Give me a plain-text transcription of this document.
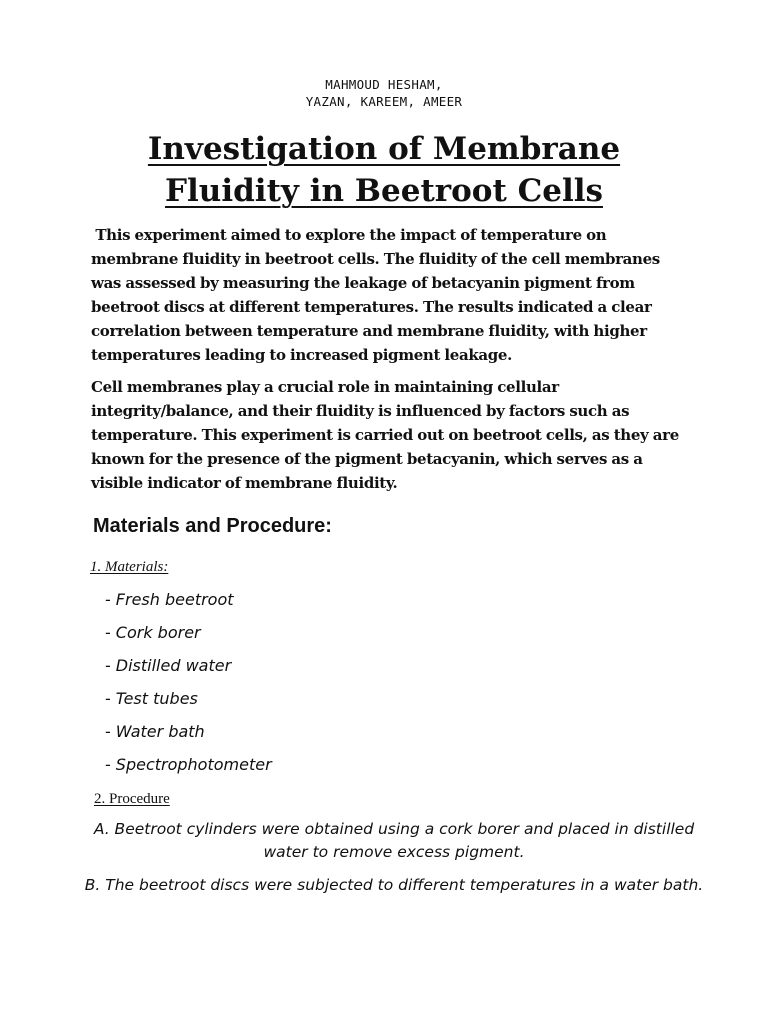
MAHMOUD HESHAM,
YAZAN, KAREEM, AMEER
Investigation of Membrane
Fluidity in Beetroot Cells

This experiment aimed to explore the impact of temperature on membrane fluidity in beetroot cells. The fluidity of the cell membranes was assessed by measuring the leakage of betacyanin pigment from beetroot discs at different temperatures. The results indicated a clear correlation between temperature and membrane fluidity, with higher temperatures leading to increased pigment leakage.

Cell membranes play a crucial role in maintaining cellular integrity/balance, and their fluidity is influenced by factors such as temperature. This experiment is carried out on beetroot cells, as they are known for the presence of the pigment betacyanin, which serves as a visible indicator of membrane fluidity.

Materials and Procedure:
1. Materials:
- Fresh beetroot
- Cork borer
- Distilled water
- Test tubes
- Water bath
- Spectrophotometer
2. Procedure

A. Beetroot cylinders were obtained using a cork borer and placed in distilled water to remove excess pigment.

B. The beetroot discs were subjected to different temperatures in a water bath.
